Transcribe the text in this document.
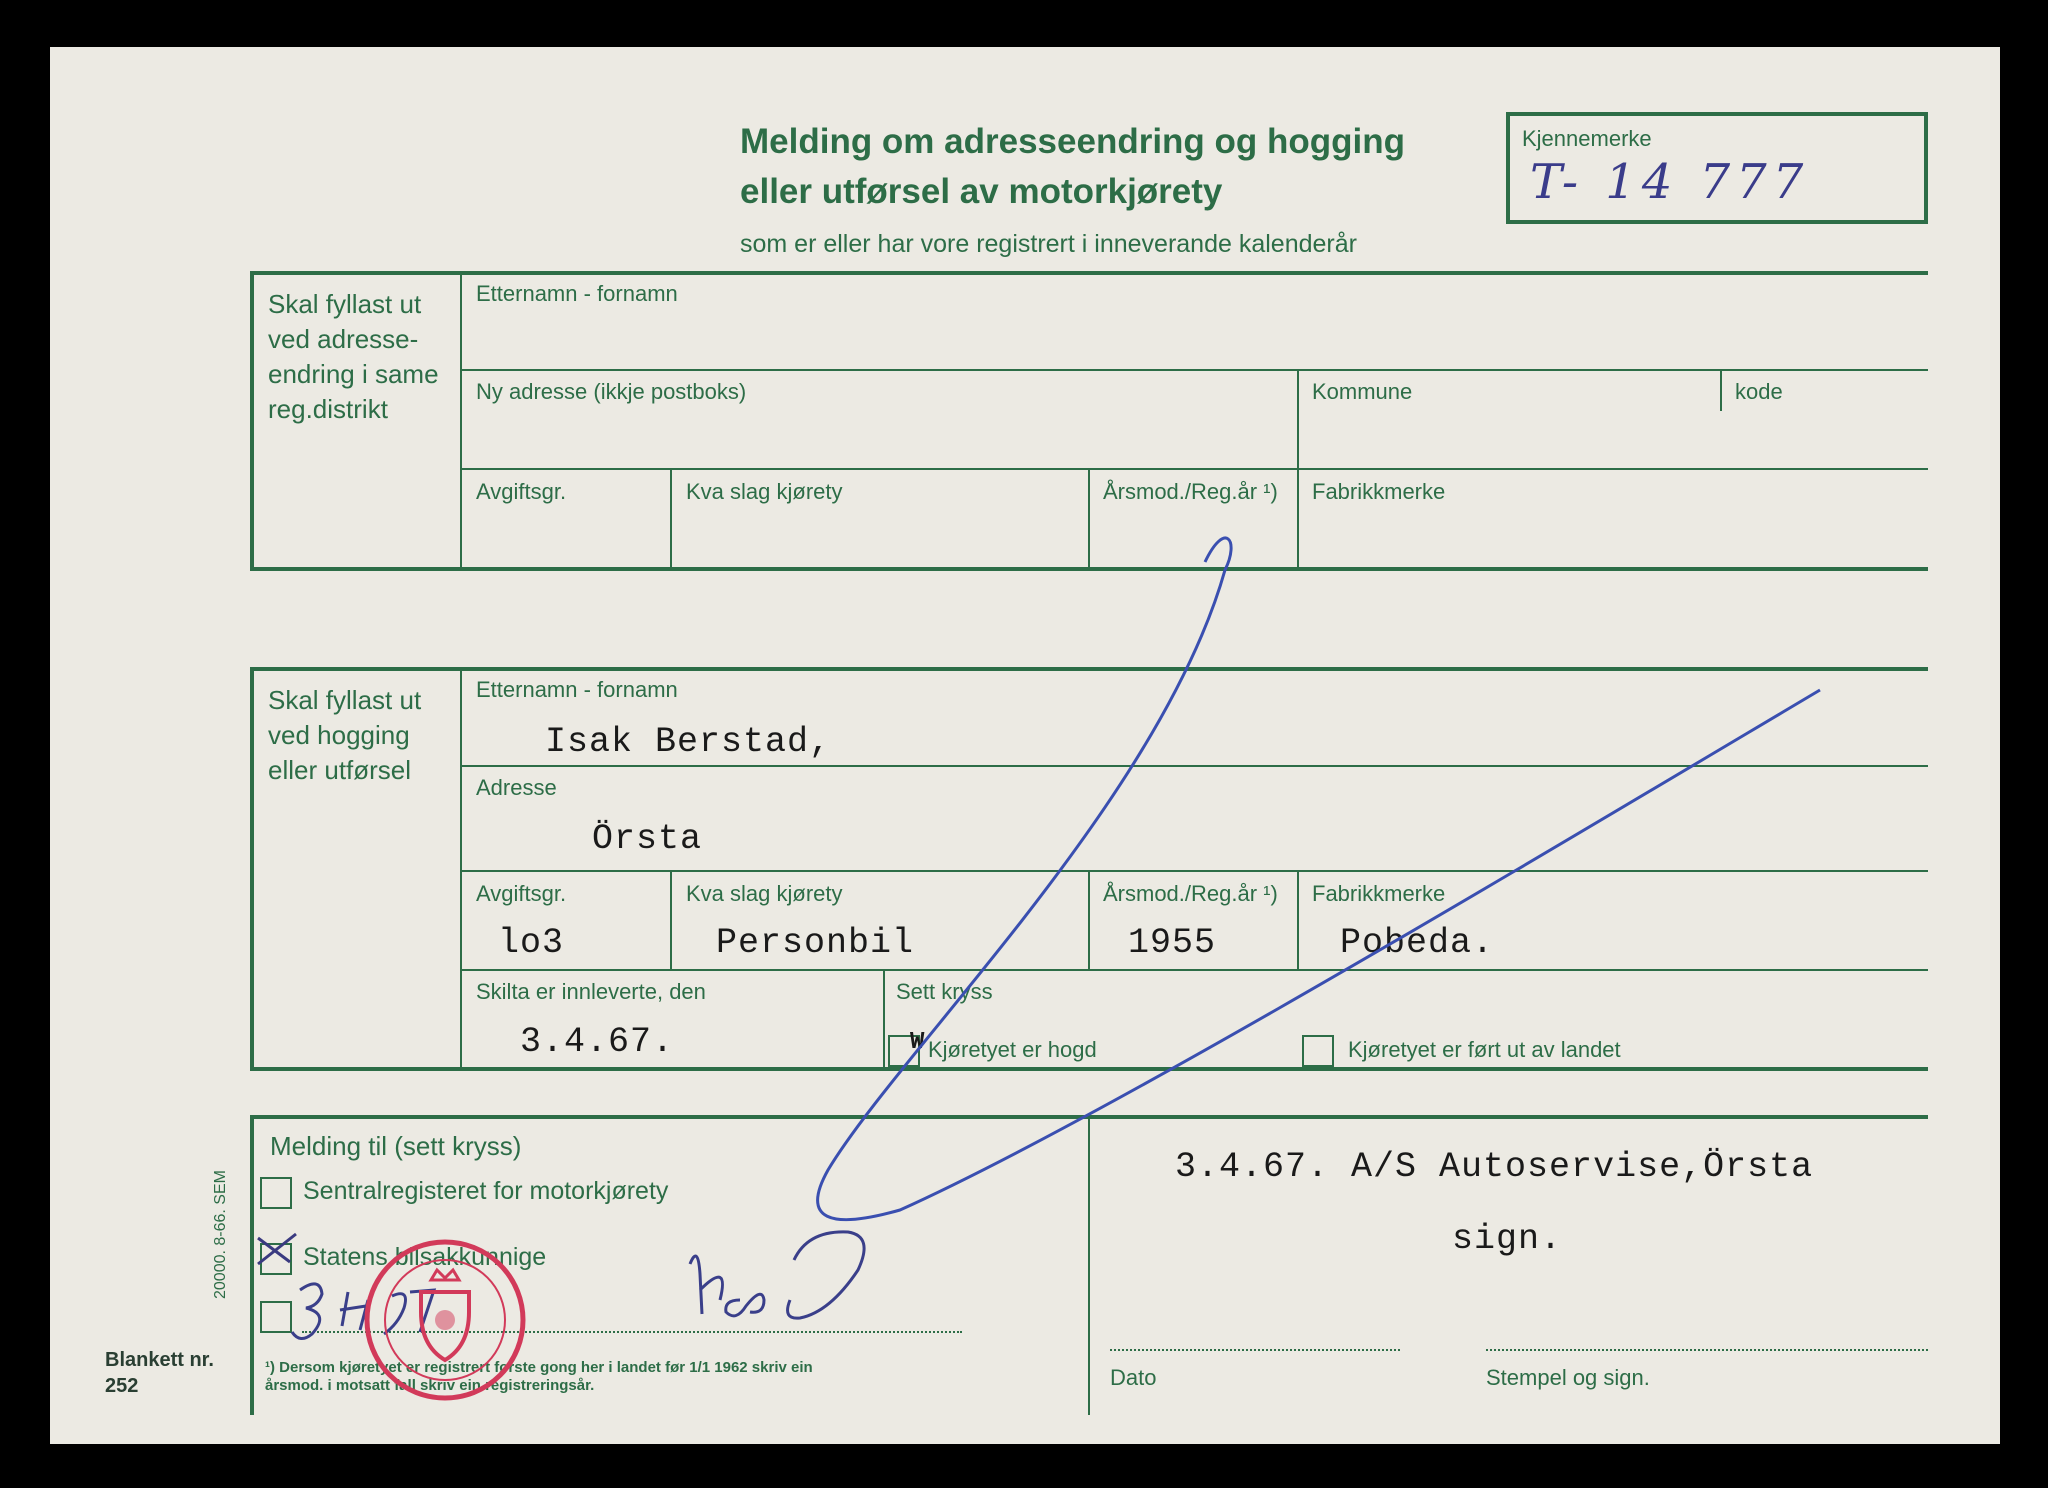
Melding om adresseendring og hogging
eller utførsel av motorkjørety
som er eller har vore registrert i inneverande kalenderår
Kjennemerke
T- 14 777
Skal fyllast ut
ved adresse-
endring i same
reg.distrikt
Etternamn - fornamn
Ny adresse (ikkje postboks)	Kommune	kode
Avgiftsgr.	Kva slag kjørety	Årsmod./Reg.år ¹) Fabrikkmerke
Skal fyllast ut
ved hogging
eller utførsel
Etternamn - fornamn
Isak Berstad,
Adresse
Örsta
Avgiftsgr.
lo3
Kva slag kjørety
Personbil
Årsmod./Reg.år ¹)
1955
Fabrikkmerke
Pobeda.
Skilta er innleverte, den
3.4.67.
Sett kryss
W Kjøretyet er hogd	Kjøretyet er ført ut av landet
20000. 8-66. SEM
Blankett nr.
252
Melding til (sett kryss)
Sentralregisteret for motorkjørety
Statens bilsakkunnige
¹) Dersom kjøretyet er registrert første gong her i landet før 1/1 1962 skriv ein
årsmod. i motsatt fall skriv ein registreringsår.
3.4.67. A/S Autoservise,Örsta
sign.
Dato	Stempel og sign.
